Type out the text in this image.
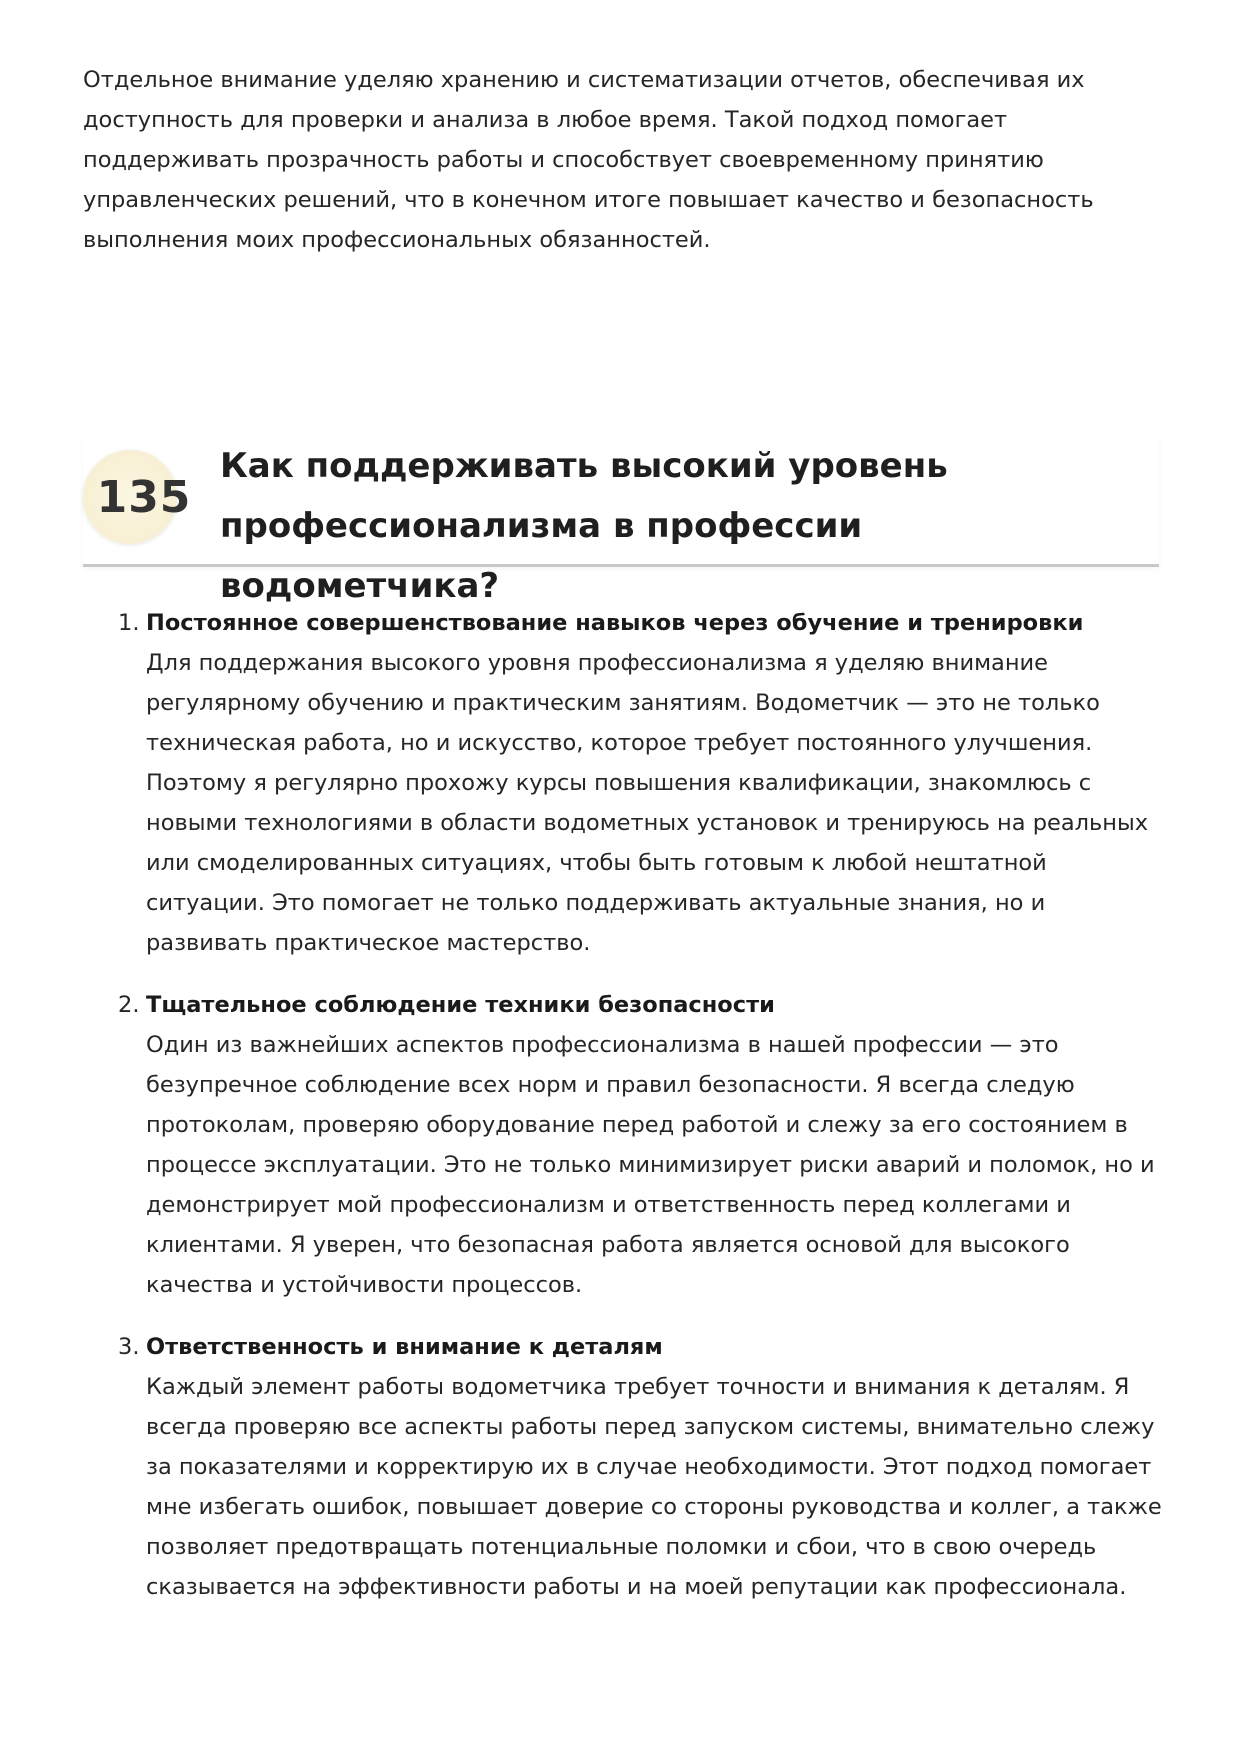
Отдельное внимание уделяю хранению и систематизации отчетов, обеспечивая их доступность для проверки и анализа в любое время. Такой подход помогает поддерживать прозрачность работы и способствует своевременному принятию управленческих решений, что в конечном итоге повышает качество и безопасность выполнения моих профессиональных обязанностей.

135
Как поддерживать высокий уровень профессионализма в профессии водометчика?
1. Постоянное совершенствование навыков через обучение и тренировки
Для поддержания высокого уровня профессионализма я уделяю внимание регулярному обучению и практическим занятиям. Водометчик — это не только техническая работа, но и искусство, которое требует постоянного улучшения. Поэтому я регулярно прохожу курсы повышения квалификации, знакомлюсь с новыми технологиями в области водометных установок и тренируюсь на реальных или смоделированных ситуациях, чтобы быть готовым к любой нештатной ситуации. Это помогает не только поддерживать актуальные знания, но и развивать практическое мастерство.
2. Тщательное соблюдение техники безопасности
Один из важнейших аспектов профессионализма в нашей профессии — это безупречное соблюдение всех норм и правил безопасности. Я всегда следую протоколам, проверяю оборудование перед работой и слежу за его состоянием в процессе эксплуатации. Это не только минимизирует риски аварий и поломок, но и демонстрирует мой профессионализм и ответственность перед коллегами и клиентами. Я уверен, что безопасная работа является основой для высокого качества и устойчивости процессов.
3. Ответственность и внимание к деталям
Каждый элемент работы водометчика требует точности и внимания к деталям. Я всегда проверяю все аспекты работы перед запуском системы, внимательно слежу за показателями и корректирую их в случае необходимости. Этот подход помогает мне избегать ошибок, повышает доверие со стороны руководства и коллег, а также позволяет предотвращать потенциальные поломки и сбои, что в свою очередь сказывается на эффективности работы и на моей репутации как профессионала.
